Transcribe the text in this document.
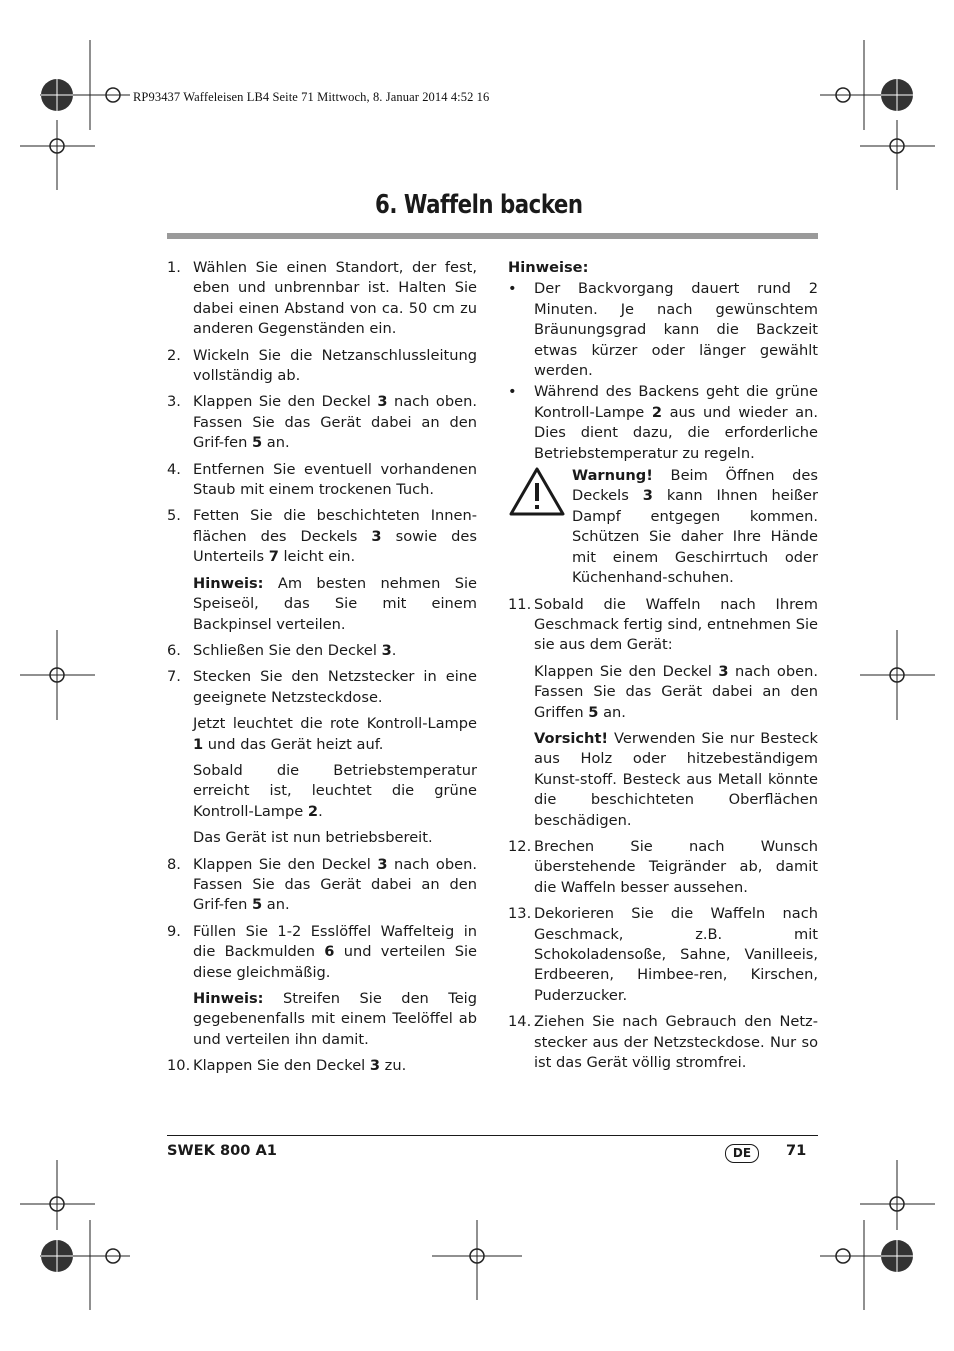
RP93437 Waffeleisen LB4 Seite 71 Mittwoch, 8. Januar 2014 4:52 16
6. Waffeln backen
1. Wählen Sie einen Standort, der fest, eben und unbrennbar ist. Halten Sie dabei einen Abstand von ca. 50 cm zu anderen Gegenständen ein.
2. Wickeln Sie die Netzanschlussleitung vollständig ab.
3. Klappen Sie den Deckel 3 nach oben. Fassen Sie das Gerät dabei an den Grif-fen 5 an.
4. Entfernen Sie eventuell vorhandenen Staub mit einem trockenen Tuch.
5. Fetten Sie die beschichteten Innen-flächen des Deckels 3 sowie des Unterteils 7 leicht ein.
Hinweis: Am besten nehmen Sie Speiseöl, das Sie mit einem Backpinsel verteilen.
6. Schließen Sie den Deckel 3.
7. Stecken Sie den Netzstecker in eine geeignete Netzsteckdose.
Jetzt leuchtet die rote Kontroll-Lampe 1 und das Gerät heizt auf.
Sobald die Betriebstemperatur erreicht ist, leuchtet die grüne Kontroll-Lampe 2.
Das Gerät ist nun betriebsbereit.
8. Klappen Sie den Deckel 3 nach oben. Fassen Sie das Gerät dabei an den Grif-fen 5 an.
9. Füllen Sie 1-2 Esslöffel Waffelteig in die Backmulden 6 und verteilen Sie diese gleichmäßig.
Hinweis: Streifen Sie den Teig gegebenenfalls mit einem Teelöffel ab und verteilen ihn damit.
10. Klappen Sie den Deckel 3 zu.
Hinweise:
•	Der Backvorgang dauert rund 2 Minuten. Je nach gewünschtem Bräunungsgrad kann die Backzeit etwas kürzer oder länger gewählt werden.
•	Während des Backens geht die grüne Kontroll-Lampe 2 aus und wieder an. Dies dient dazu, die erforderliche Betriebstemperatur zu regeln.
Warnung! Beim Öffnen des Deckels 3 kann Ihnen heißer Dampf entgegen kommen. Schützen Sie daher Ihre Hände mit einem Geschirrtuch oder Küchenhand-schuhen.
11. Sobald die Waffeln nach Ihrem Geschmack fertig sind, entnehmen Sie sie aus dem Gerät:
Klappen Sie den Deckel 3 nach oben. Fassen Sie das Gerät dabei an den Griffen 5 an.
Vorsicht! Verwenden Sie nur Besteck aus Holz oder hitzebeständigem Kunst-stoff. Besteck aus Metall könnte die beschichteten Oberflächen beschädigen.
12. Brechen Sie nach Wunsch überstehende Teigränder ab, damit die Waffeln besser aussehen.
13. Dekorieren Sie die Waffeln nach Geschmack, z.B. mit Schokoladensoße, Sahne, Vanilleeis, Erdbeeren, Himbee-ren, Kirschen, Puderzucker.
14. Ziehen Sie nach Gebrauch den Netz-stecker aus der Netzsteckdose. Nur so ist das Gerät völlig stromfrei.
SWEK 800 A1	DE	71
